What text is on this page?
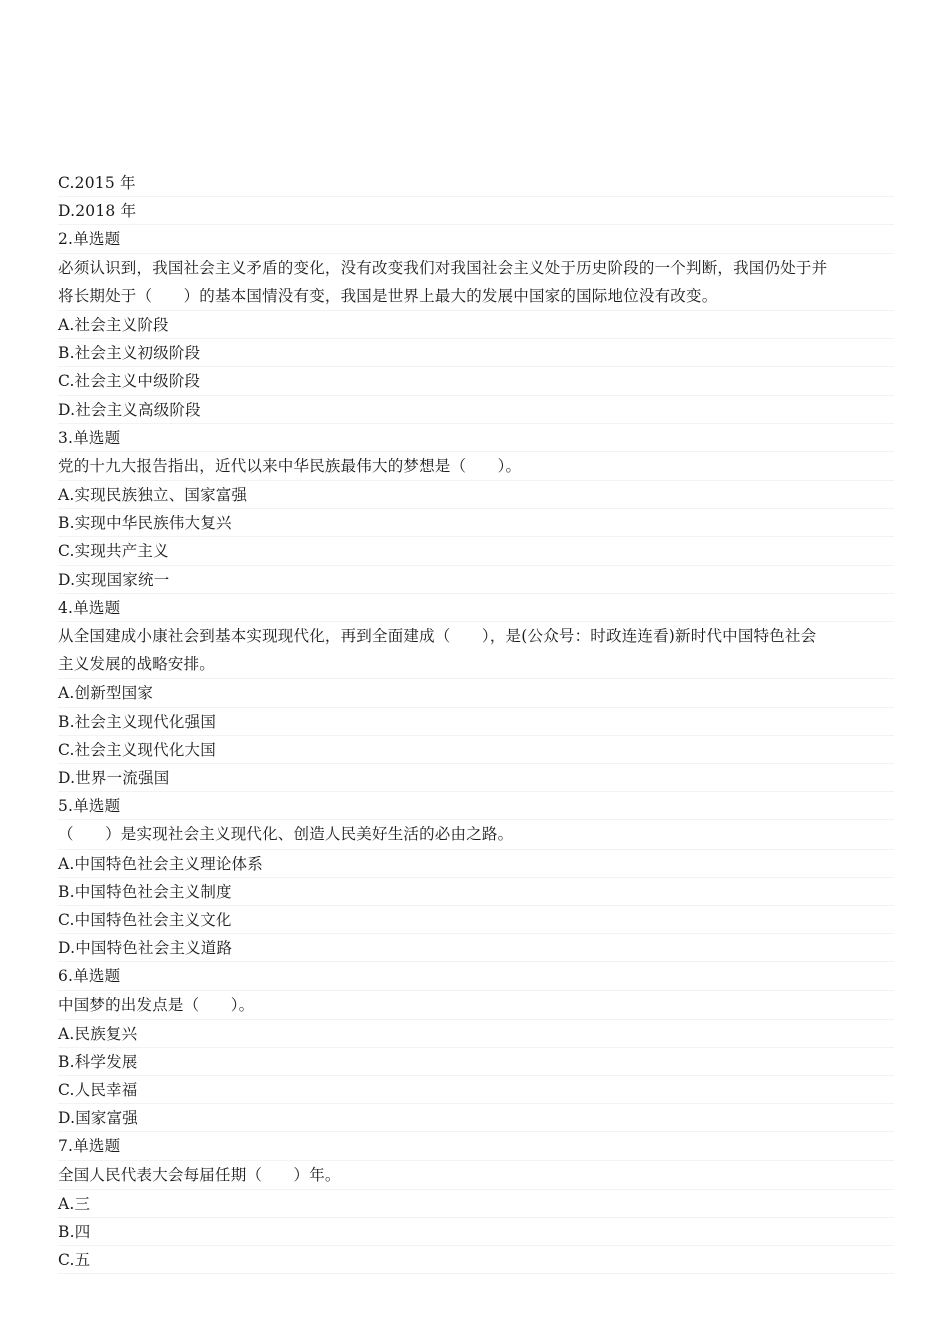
C.2015 年
D.2018 年
2.单选题
必须认识到，我国社会主义矛盾的变化，没有改变我们对我国社会主义处于历史阶段的一个判断，我国仍处于并
将长期处于（　　）的基本国情没有变，我国是世界上最大的发展中国家的国际地位没有改变。
A.社会主义阶段
B.社会主义初级阶段
C.社会主义中级阶段
D.社会主义高级阶段
3.单选题
党的十九大报告指出，近代以来中华民族最伟大的梦想是（　　）。
A.实现民族独立、国家富强
B.实现中华民族伟大复兴
C.实现共产主义
D.实现国家统一
4.单选题
从全国建成小康社会到基本实现现代化，再到全面建成（　　），是(公众号：时政连连看)新时代中国特色社会
主义发展的战略安排。
A.创新型国家
B.社会主义现代化强国
C.社会主义现代化大国
D.世界一流强国
5.单选题
（　　）是实现社会主义现代化、创造人民美好生活的必由之路。
A.中国特色社会主义理论体系
B.中国特色社会主义制度
C.中国特色社会主义文化
D.中国特色社会主义道路
6.单选题
中国梦的出发点是（　　）。
A.民族复兴
B.科学发展
C.人民幸福
D.国家富强
7.单选题
全国人民代表大会每届任期（　　）年。
A.三
B.四
C.五
